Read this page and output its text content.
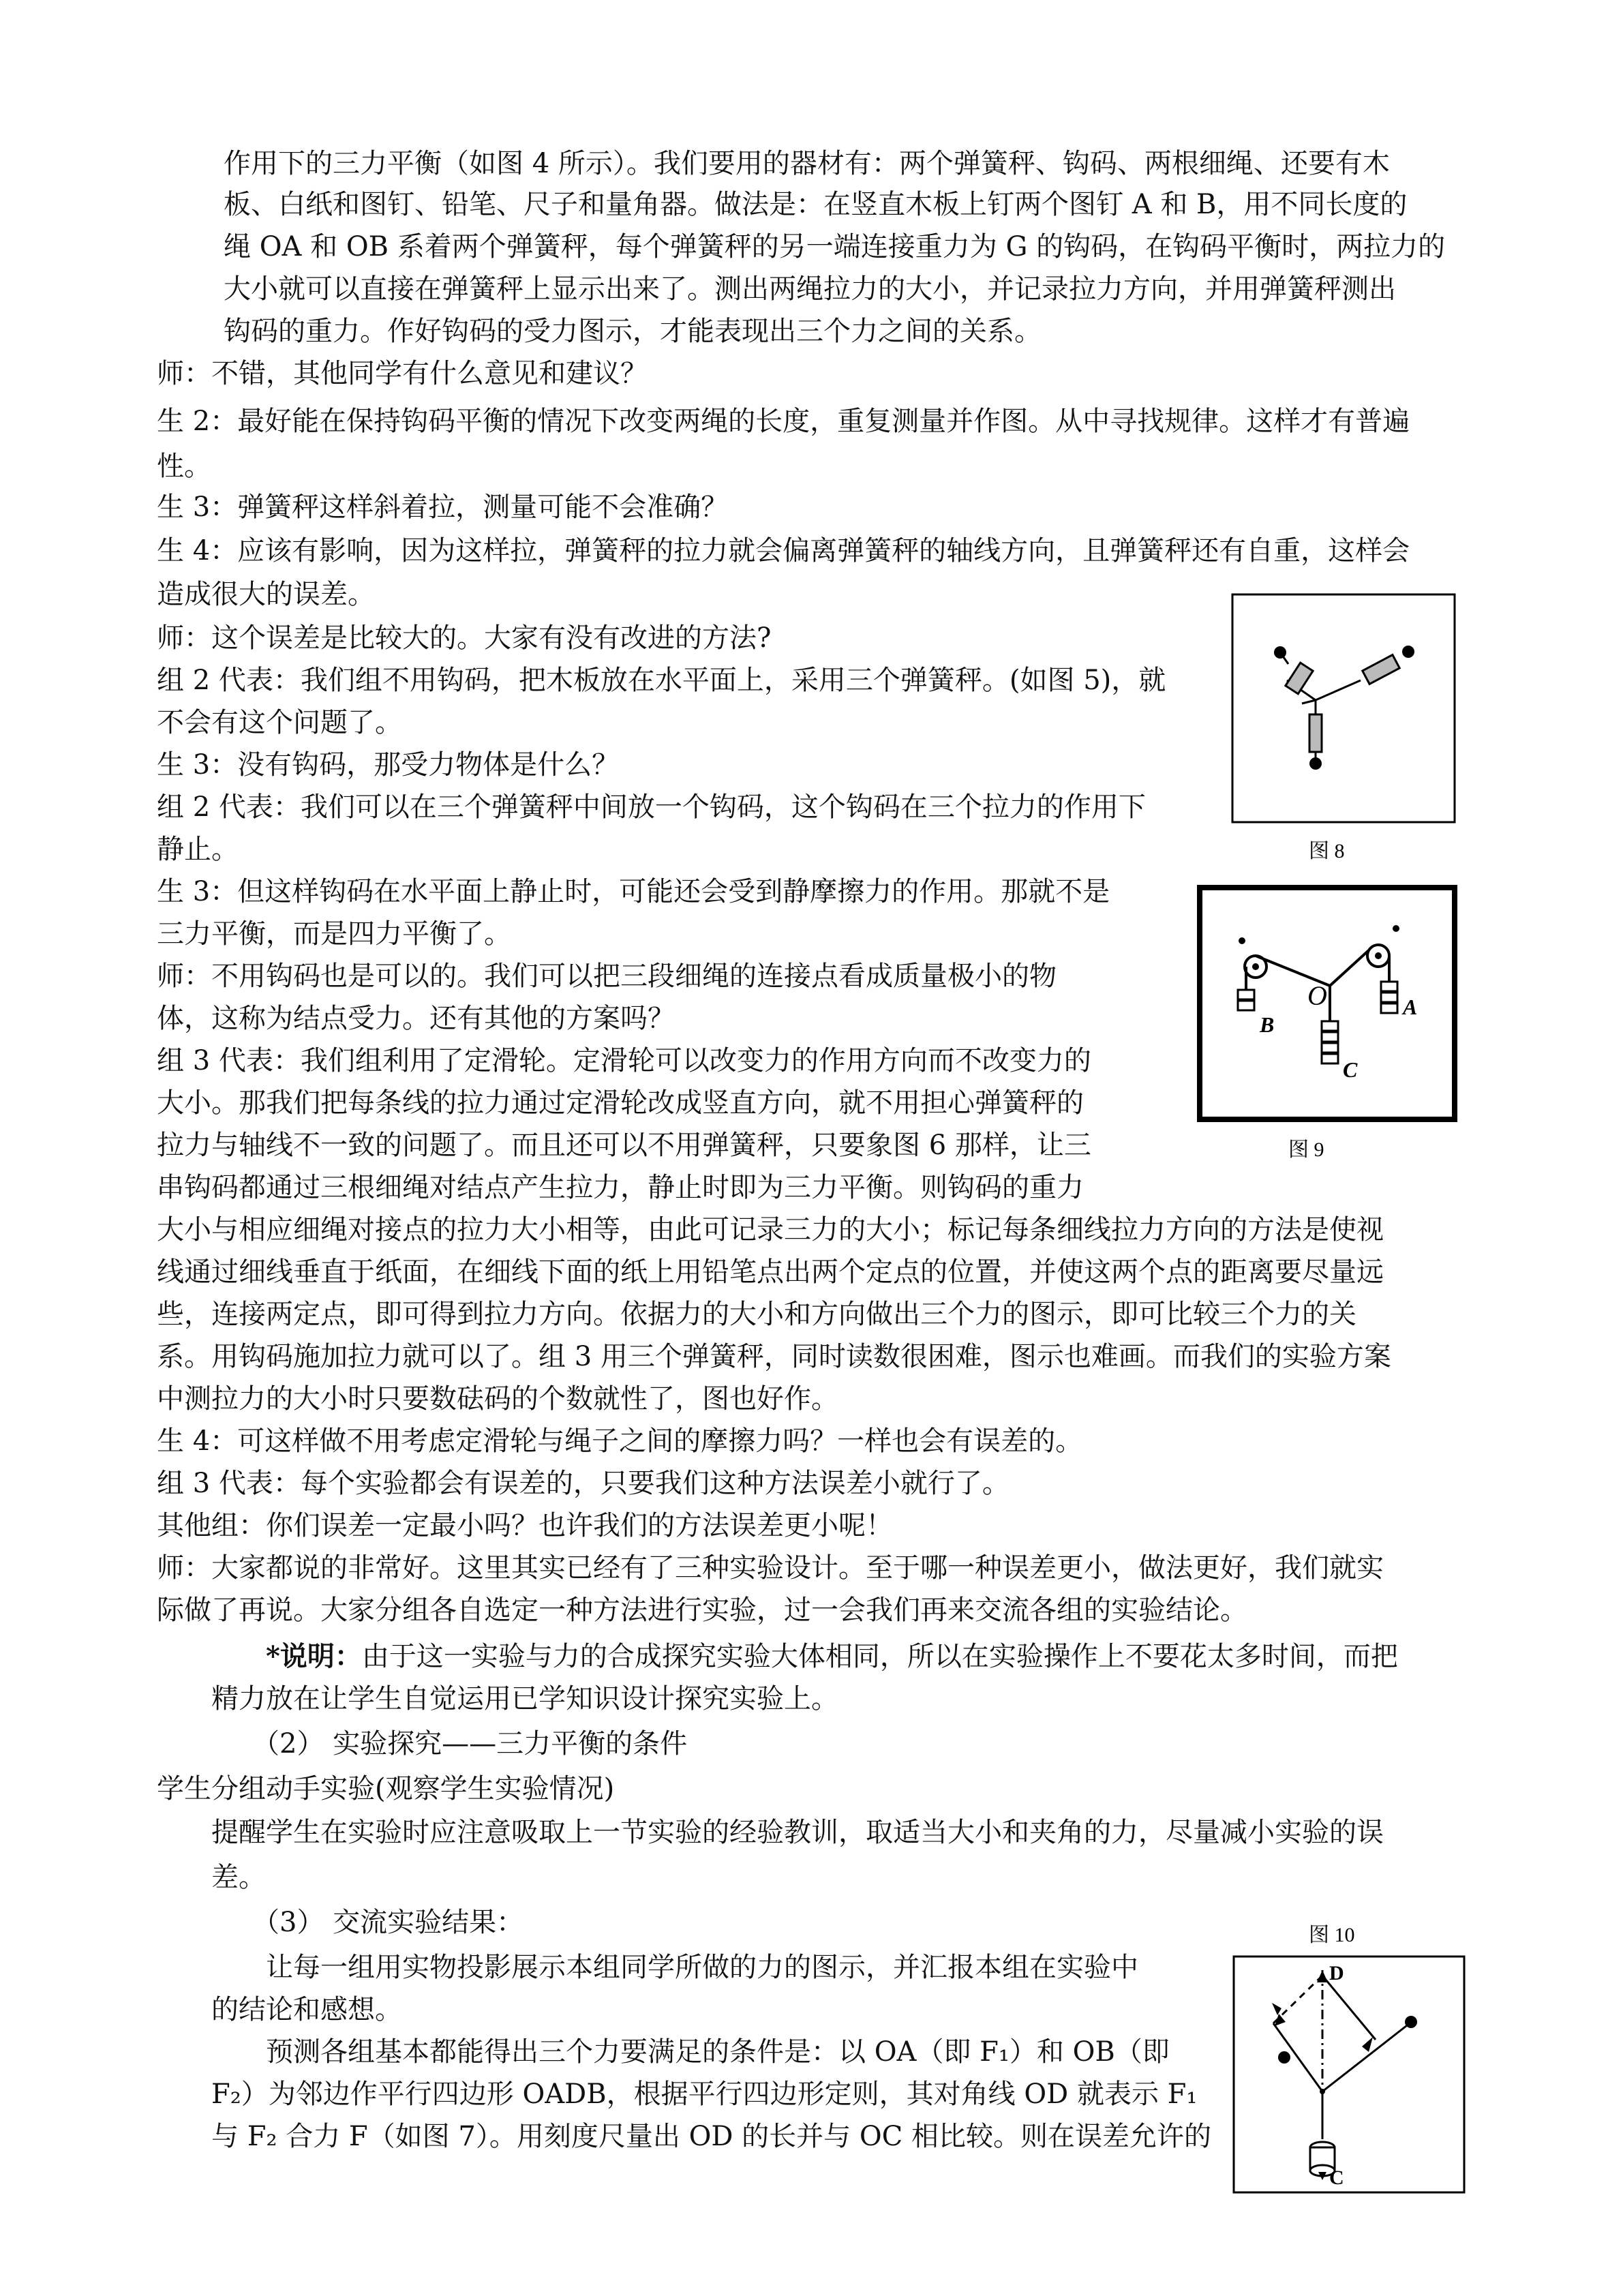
作用下的三力平衡（如图 4 所示）。我们要用的器材有：两个弹簧秤、钩码、两根细绳、还要有木
板、白纸和图钉、铅笔、尺子和量角器。做法是：在竖直木板上钉两个图钉 A 和 B，用不同长度的
绳 OA 和 OB 系着两个弹簧秤，每个弹簧秤的另一端连接重力为 G 的钩码，在钩码平衡时，两拉力的
大小就可以直接在弹簧秤上显示出来了。测出两绳拉力的大小，并记录拉力方向，并用弹簧秤测出
钩码的重力。作好钩码的受力图示，才能表现出三个力之间的关系。
师：不错，其他同学有什么意见和建议？
生 2：最好能在保持钩码平衡的情况下改变两绳的长度，重复测量并作图。从中寻找规律。这样才有普遍
性。
生 3：弹簧秤这样斜着拉，测量可能不会准确？
生 4：应该有影响，因为这样拉，弹簧秤的拉力就会偏离弹簧秤的轴线方向，且弹簧秤还有自重，这样会
造成很大的误差。
师：这个误差是比较大的。大家有没有改进的方法?
组 2 代表：我们组不用钩码，把木板放在水平面上，采用三个弹簧秤。(如图 5)，就
不会有这个问题了。
生 3：没有钩码，那受力物体是什么？
组 2 代表：我们可以在三个弹簧秤中间放一个钩码，这个钩码在三个拉力的作用下
静止。
生 3：但这样钩码在水平面上静止时，可能还会受到静摩擦力的作用。那就不是
三力平衡，而是四力平衡了。
师：不用钩码也是可以的。我们可以把三段细绳的连接点看成质量极小的物
体，这称为结点受力。还有其他的方案吗？
组 3 代表：我们组利用了定滑轮。定滑轮可以改变力的作用方向而不改变力的
大小。那我们把每条线的拉力通过定滑轮改成竖直方向，就不用担心弹簧秤的
拉力与轴线不一致的问题了。而且还可以不用弹簧秤，只要象图 6 那样，让三
串钩码都通过三根细绳对结点产生拉力，静止时即为三力平衡。则钩码的重力
大小与相应细绳对接点的拉力大小相等，由此可记录三力的大小；标记每条细线拉力方向的方法是使视
线通过细线垂直于纸面，在细线下面的纸上用铅笔点出两个定点的位置，并使这两个点的距离要尽量远
些，连接两定点，即可得到拉力方向。依据力的大小和方向做出三个力的图示，即可比较三个力的关
系。用钩码施加拉力就可以了。组 3 用三个弹簧秤，同时读数很困难，图示也难画。而我们的实验方案
中测拉力的大小时只要数砝码的个数就性了，图也好作。
生 4：可这样做不用考虑定滑轮与绳子之间的摩擦力吗？一样也会有误差的。
组 3 代表：每个实验都会有误差的，只要我们这种方法误差小就行了。
其他组：你们误差一定最小吗？也许我们的方法误差更小呢！
师：大家都说的非常好。这里其实已经有了三种实验设计。至于哪一种误差更小，做法更好，我们就实
际做了再说。大家分组各自选定一种方法进行实验，过一会我们再来交流各组的实验结论。
*说明：由于这一实验与力的合成探究实验大体相同，所以在实验操作上不要花太多时间，而把
精力放在让学生自觉运用已学知识设计探究实验上。
（2） 实验探究——三力平衡的条件
学生分组动手实验(观察学生实验情况)
提醒学生在实验时应注意吸取上一节实验的经验教训，取适当大小和夹角的力，尽量减小实验的误
差。
（3） 交流实验结果：
让每一组用实物投影展示本组同学所做的力的图示，并汇报本组在实验中
的结论和感想。
预测各组基本都能得出三个力要满足的条件是：以 OA（即 F₁）和 OB（即
F₂）为邻边作平行四边形 OADB，根据平行四边形定则，其对角线 OD 就表示 F₁
与 F₂ 合力 F（如图 7）。用刻度尺量出 OD 的长并与 OC 相比较。则在误差允许的
图 8
O	A
B
C
图 9
图 10
D
C
